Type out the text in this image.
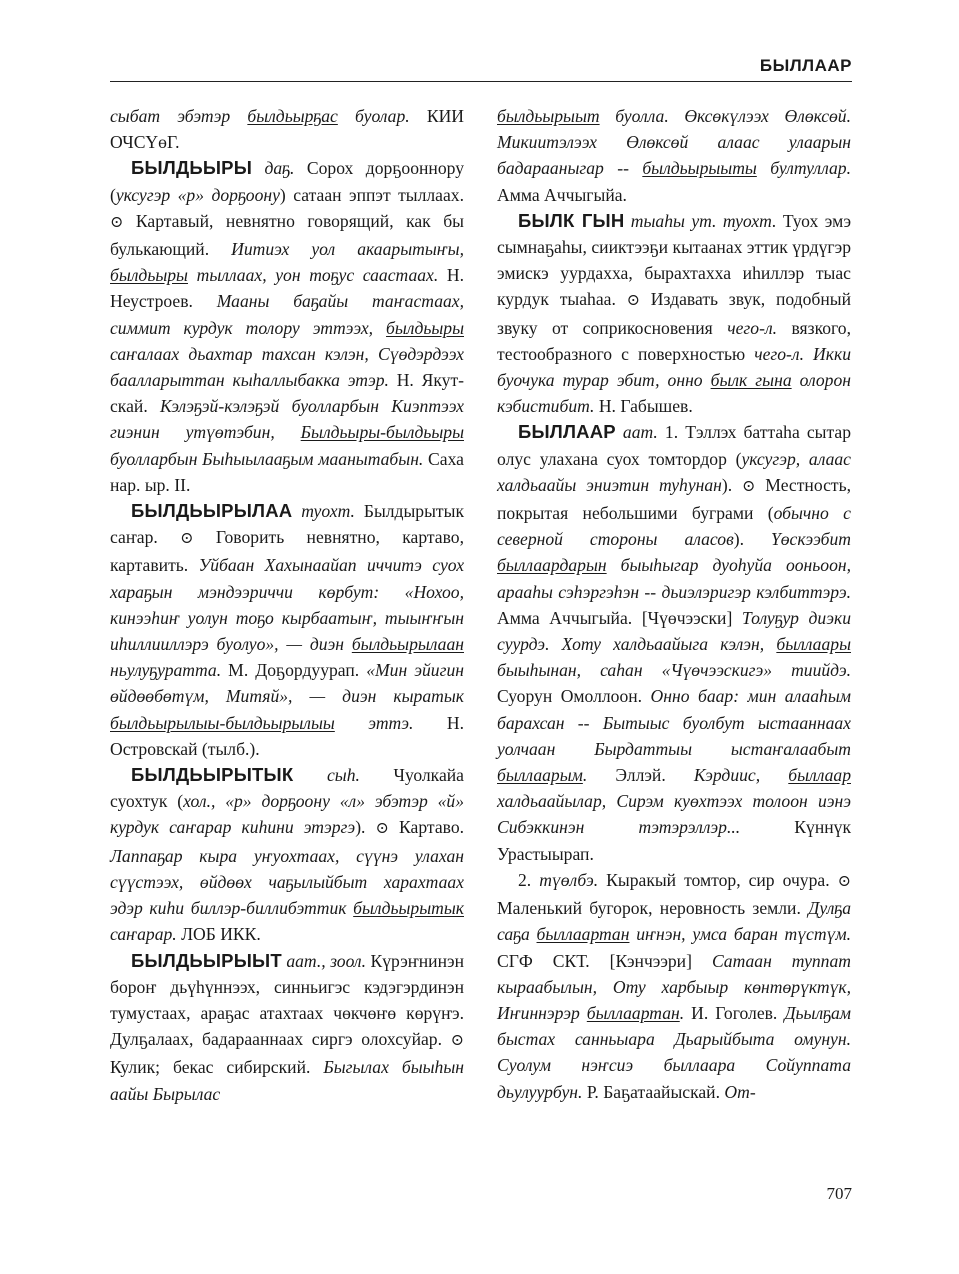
БЫЛЛААР

сыбат эбэтэр былдьырҕас буолар. КИИ ОЧСҮөГ.

БЫЛДЬЫРЫ даҕ. Сорох дорҕооннору (уксугэр «р» дорҕоону) сатаан эппэт тыллаах. ⊙ Картавый, невнятно говорящий, как бы булькающий. Иитиэх уол акаарытыҥы, былдьыры тыллаах, уон тоҕус саастаах. Н. Неустроев. Мааны баҕайы таҥастаах, симмит курдук толору эттээх, былдьыры саҥалаах дьахтар тахсан кэлэн, Сүөдэрдээх баалларыттан кыһаллыбакка этэр. Н. Якутскай. Кэлэҕэй-кэлэҕэй буолларбын Киэптээх гиэнин утүөтэбин, Былдьыры-былдьыры буолларбын Быһыылааҕым маанытабын. Саха нар. ыр. II.

БЫЛДЬЫРЫЛАА туохт. Былдырытык саҥар. ⊙ Говорить невнятно, картаво, картавить. Уйбаан Хахынаайап иччитэ суох хараҕын мэндээриччи көрбут: «Нохоо, кинээһиҥ уолун тоҕо кырбаатыҥ, тыыҥҥын иһиллииллэрэ буолуо», — диэн былдьырылаан ньулуҕуратта. М. Доҕордуурап. «Мин эйигин өйдөөбөтүм, Митяй», — диэн кыратык былдьырылыы-былдьырылыы эттэ. Н. Островскай (тылб.).

БЫЛДЬЫРЫТЫК сыһ. Чуолкайа суохтук (хол., «р» дорҕоону «л» эбэтэр «й» курдук саҥарар киһини этэргэ). ⊙ Картаво. Лаппаҕар кыра уҥуохтаах, сүүнэ улахан сүүстээх, өйдөөх чаҕылыйбыт харахтаах эдэр киһи биллэр-биллибэттик былдьырытык саҥарар. ЛОБ ИКК.

БЫЛДЬЫРЫЫТ аат., зоол. Күрэҥнинэн бороҥ дьүһүннээх, синньигэс кэдэгэрдинэн тумустаах, араҕас атахтаах чөкчөҥө көрүҥэ. Дулҕалаах, бадарааннаах сиргэ олохсуйар. ⊙ Кулик; бекас сибирский. Быгылах быыһын аайы Бырылас

былдьырыыт буолла. Өксөкүлээх Өлөксөй. Микиитэлээх Өлөксөй алаас улаарын бадарааныгар -- былдьырыыты бултуллар. Амма Аччыгыйа.

БЫЛК ГЫН тыаһы ут. туохт. Туох эмэ сымнаҕаһы, сииктээҕи кытаанах эттик үрдүгэр эмискэ уурдахха, бырахтахха иһиллэр тыас курдук тыаһаа. ⊙ Издавать звук, подобный звуку от соприкосновения чего-л. вязкого, тестообразного с поверхностью чего-л. Икки буочука турар эбит, онно былк гына олорон кэбистибит. Н. Габышев.

БЫЛЛААР аат. 1. Тэллэх баттаһа сытар олус улахана суох томтордор (уксугэр, алаас халдьаайы эниэтин туһунан). ⊙ Местность, покрытая небольшими буграми (обычно с северной стороны аласов). Үөскээбит быллаардарын быыһыгар дуоһуйа ооньоон, арааһы сэһэргэһэн -- дьиэлэригэр кэлбиттэрэ. Амма Аччыгыйа. [Чүөчээски] Толуҕур диэки суурдэ. Хоту халдьаайыга кэлэн, быллаары быыһынан, саһан «Чүөчээскигэ» тиийдэ. Суорун Омоллоон. Онно баар: мин алааһым барахсан -- Бытыыс буолбут ыстааннаах уолчаан Бырдаттыы ыстаҥалаабыт быллаарым. Эллэй. Кэрдиис, быллаар халдьаайылар, Сирэм куөхтээх толоон иэнэ Сибэккинэн тэтэрэллэр... Күннүк Урастыырап.

2. түөлбэ. Кыракый томтор, сир очура. ⊙ Маленький бугорок, неровность земли. Дулҕа саҕа быллаартан иҥнэн, умса баран түстүм. СГФ СКТ. [Кэнчээри] Сатаан туппат кыраабылын, Оту харбыыр көнтөрүктүк, Иҥиннэрэр быллаартан. И. Гоголев. Дьылҕам быстах санньыара Дьарыйбыта омунун. Суолум нэҥсиэ быллаара Сойуппата дьулуурбун. Р. Баҕатаайыскай. От-

707
